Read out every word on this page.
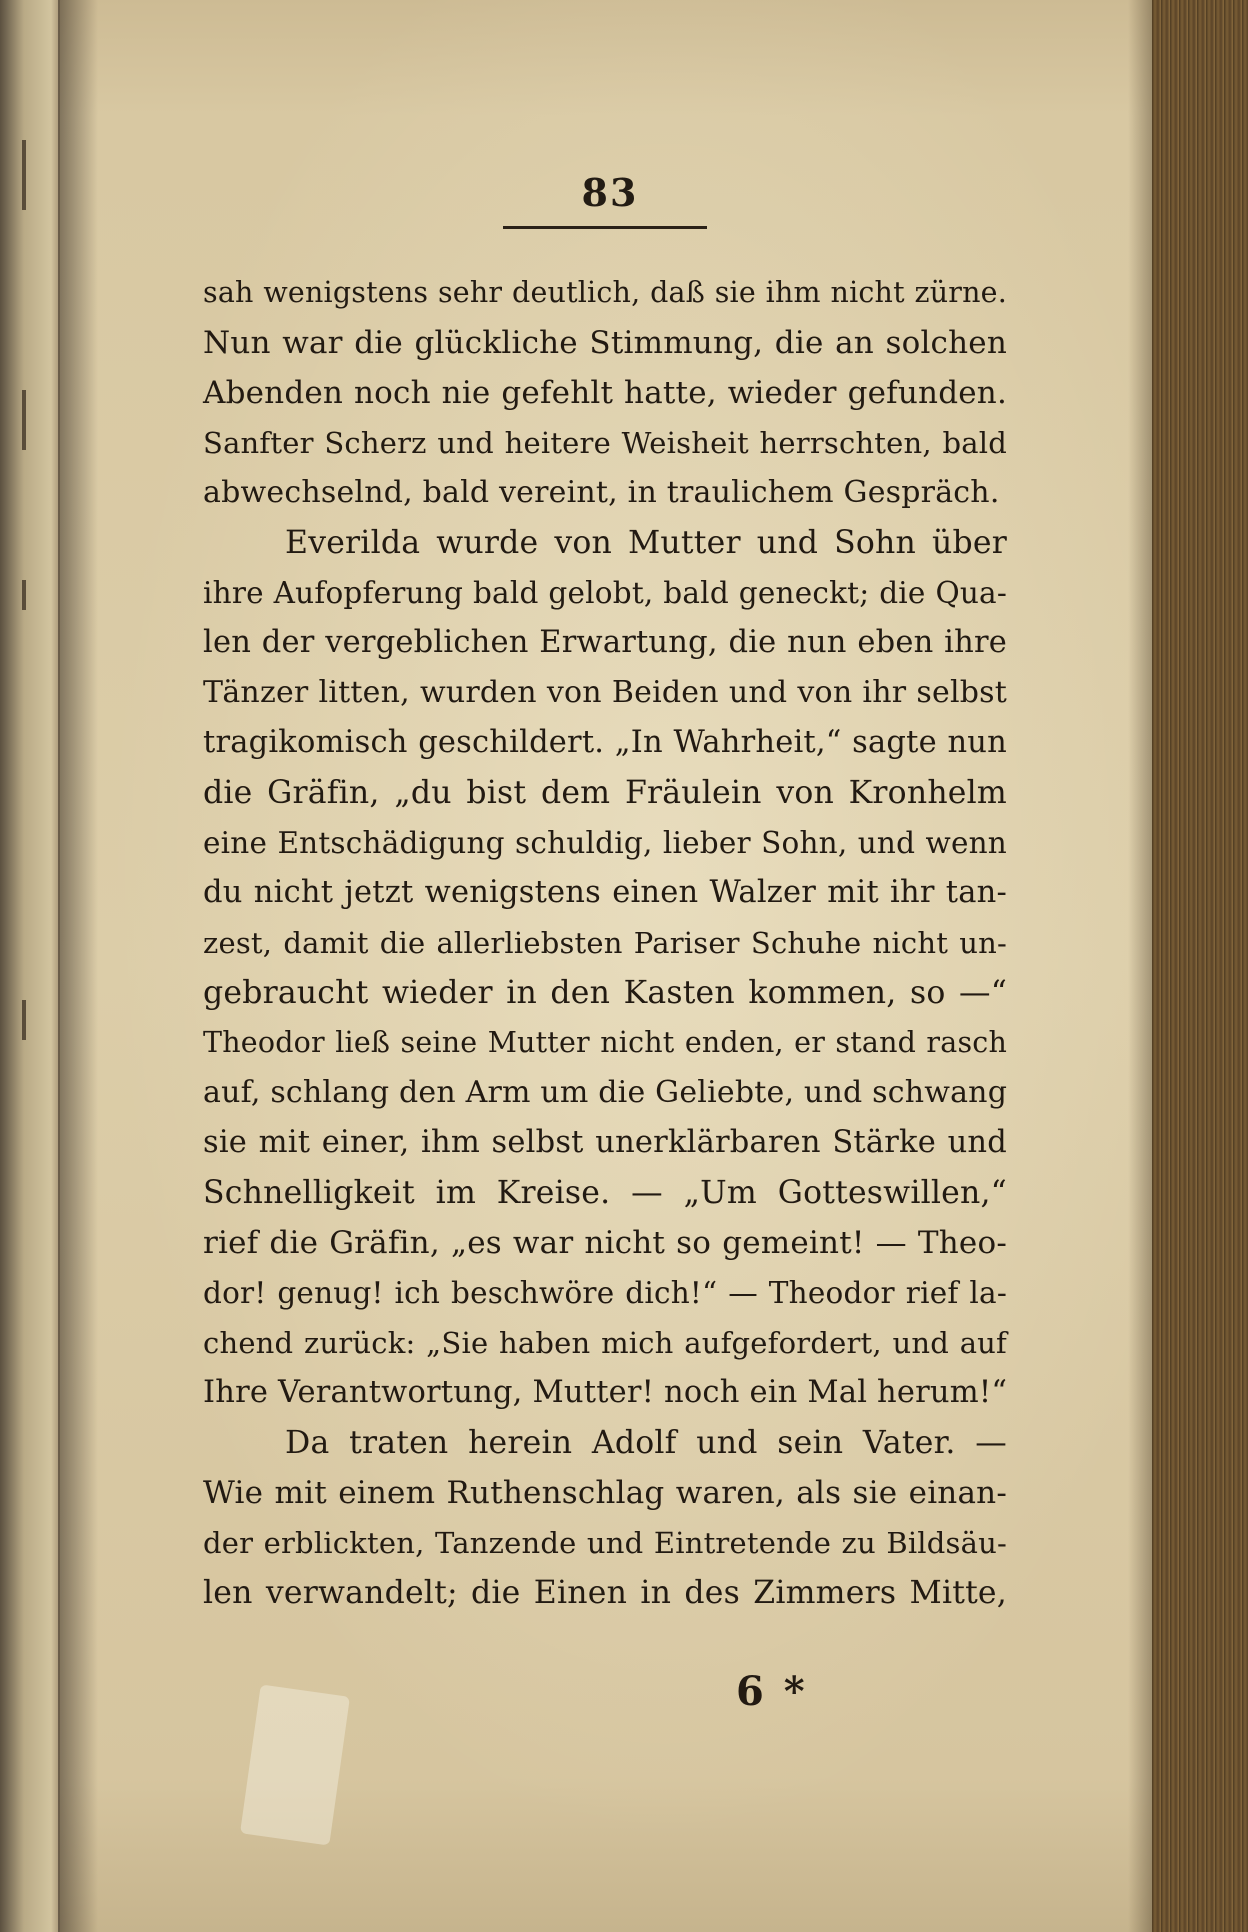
83
sah wenigstens sehr deutlich, daß sie ihm nicht zürne.
Nun war die glückliche Stimmung, die an solchen
Abenden noch nie gefehlt hatte, wieder gefunden.
Sanfter Scherz und heitere Weisheit herrschten, bald
abwechselnd, bald vereint, in traulichem Gespräch.
Everilda wurde von Mutter und Sohn über
ihre Aufopferung bald gelobt, bald geneckt; die Qua-
len der vergeblichen Erwartung, die nun eben ihre
Tänzer litten, wurden von Beiden und von ihr selbst
tragikomisch geschildert. „In Wahrheit,“ sagte nun
die Gräfin, „du bist dem Fräulein von Kronhelm
eine Entschädigung schuldig, lieber Sohn, und wenn
du nicht jetzt wenigstens einen Walzer mit ihr tan-
zest, damit die allerliebsten Pariser Schuhe nicht un-
gebraucht wieder in den Kasten kommen, so —“
Theodor ließ seine Mutter nicht enden, er stand rasch
auf, schlang den Arm um die Geliebte, und schwang
sie mit einer, ihm selbst unerklärbaren Stärke und
Schnelligkeit im Kreise. — „Um Gotteswillen,“
rief die Gräfin, „es war nicht so gemeint! — Theo-
dor! genug! ich beschwöre dich!“ — Theodor rief la-
chend zurück: „Sie haben mich aufgefordert, und auf
Ihre Verantwortung, Mutter! noch ein Mal herum!“
Da traten herein Adolf und sein Vater. —
Wie mit einem Ruthenschlag waren, als sie einan-
der erblickten, Tanzende und Eintretende zu Bildsäu-
len verwandelt; die Einen in des Zimmers Mitte,
6 *
